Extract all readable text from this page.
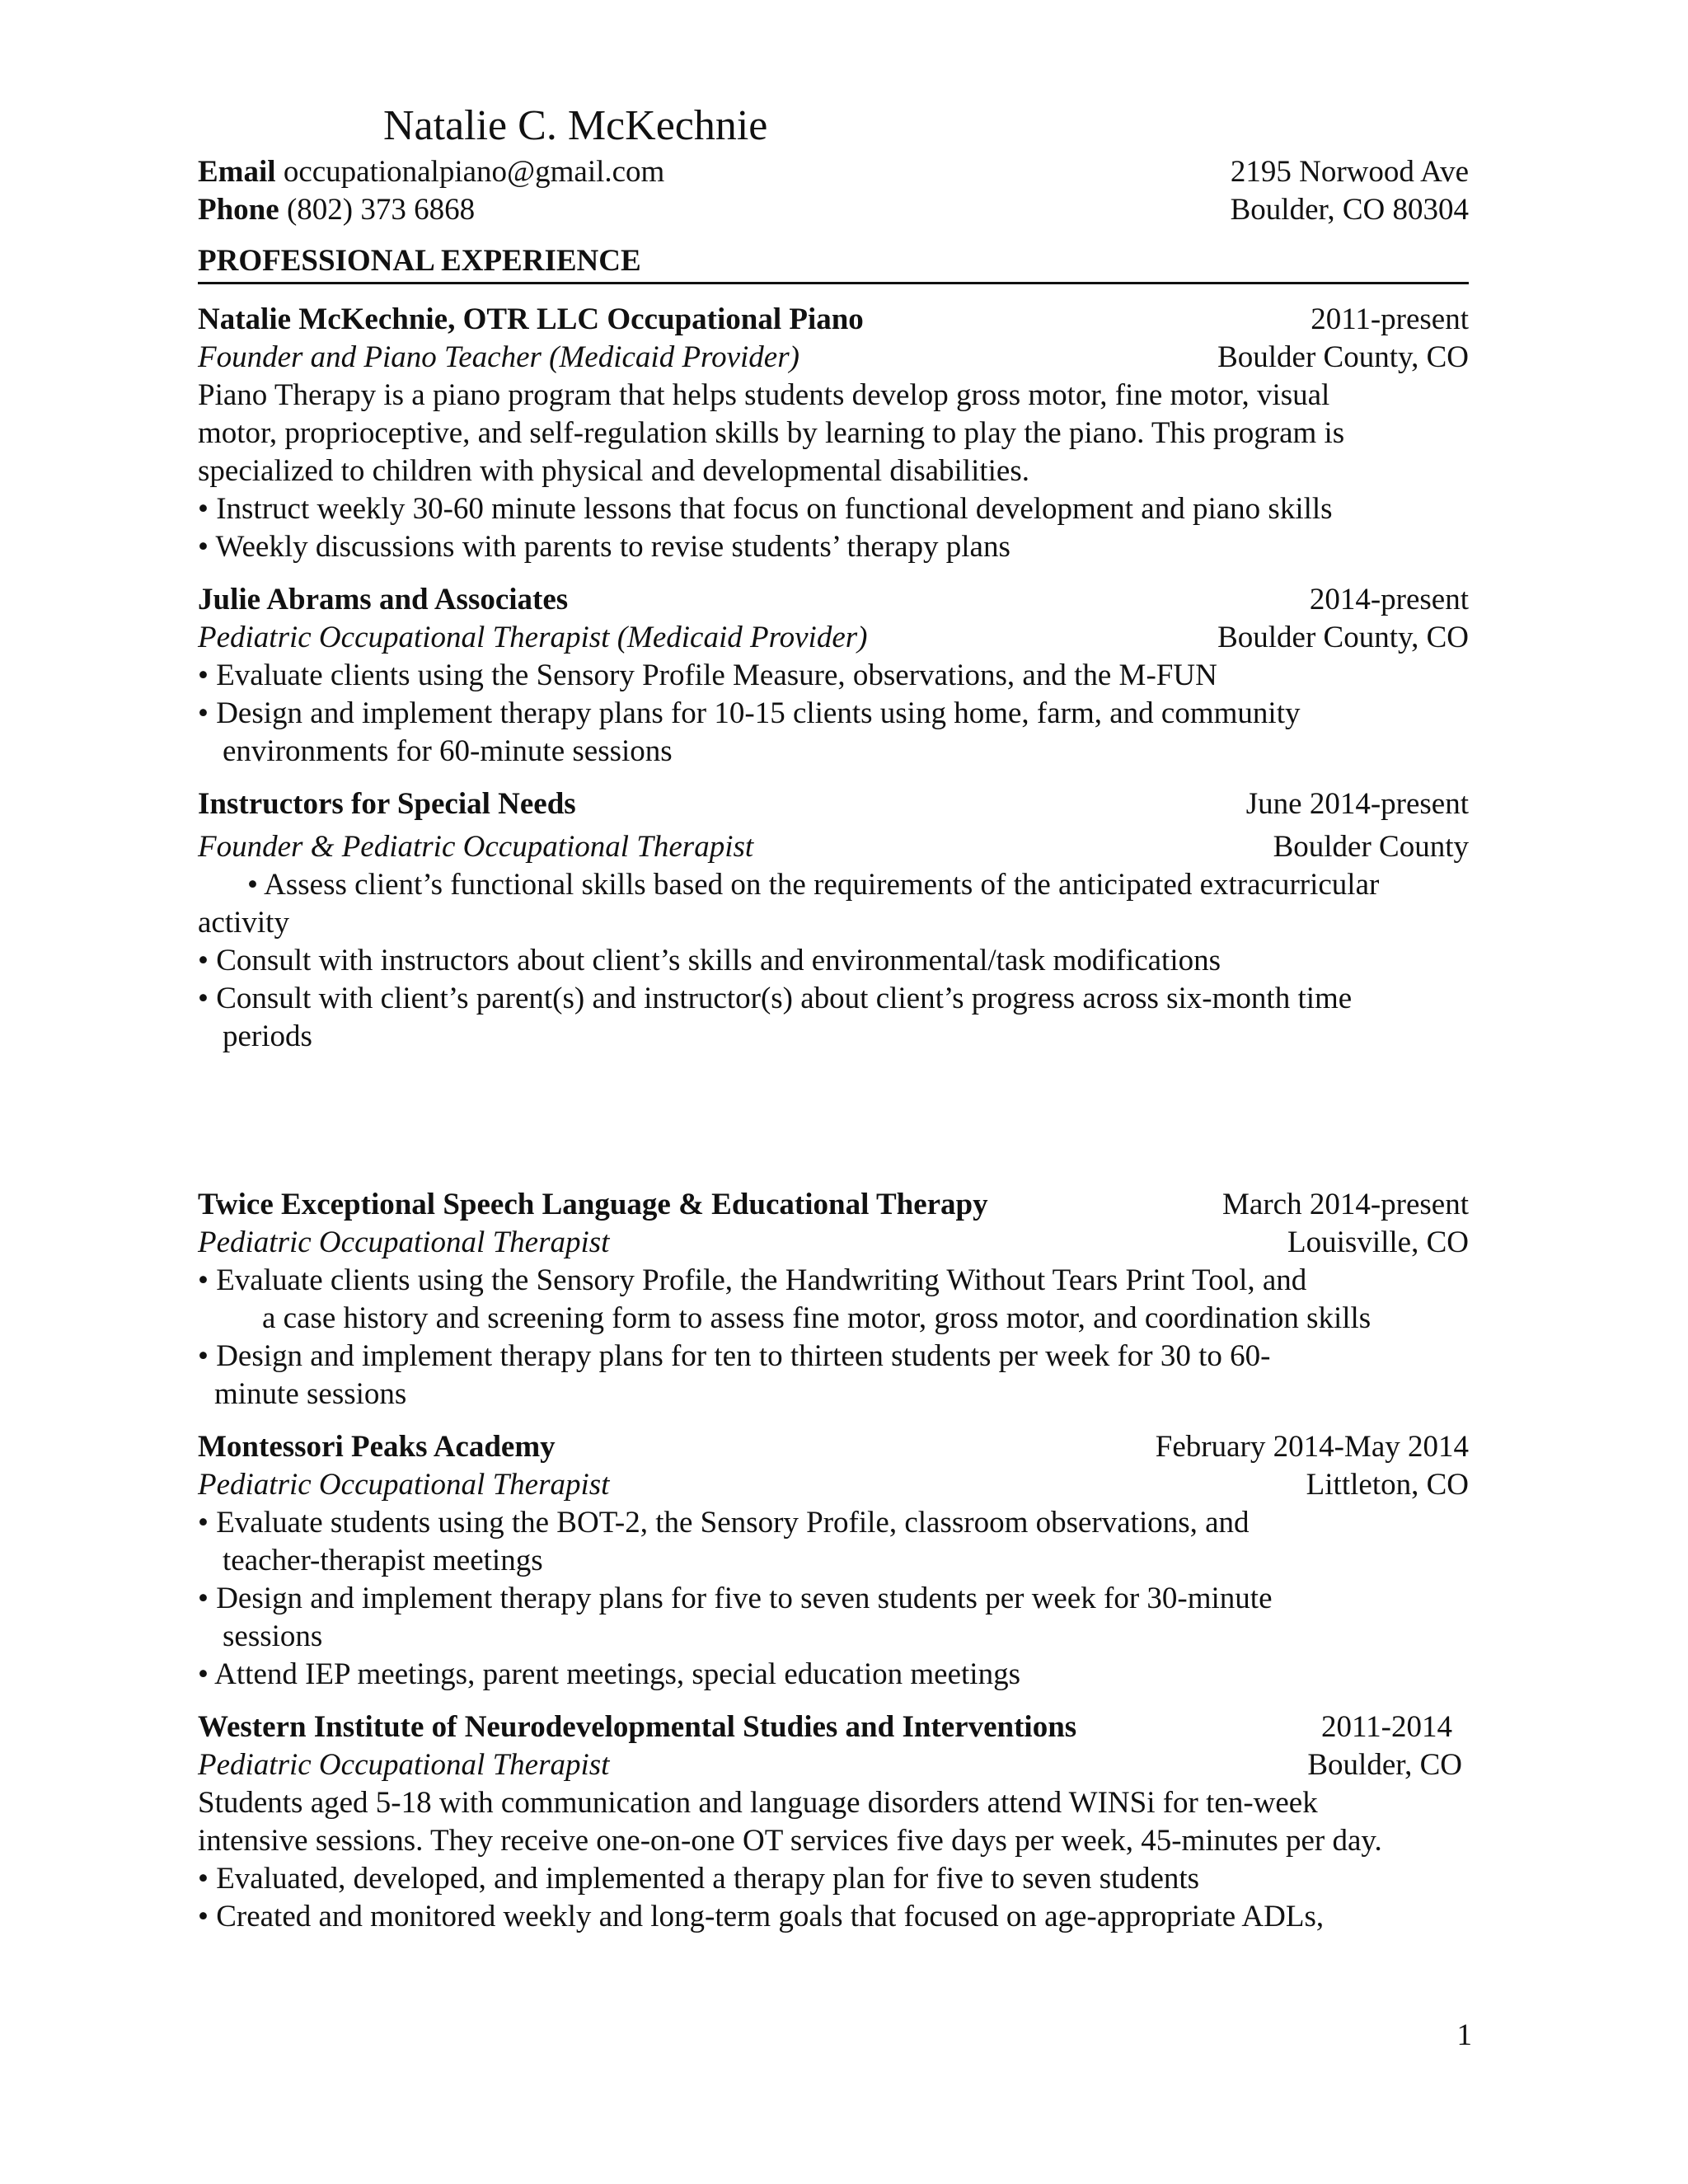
Natalie C. McKechnie
Email occupationalpiano@gmail.com	2195 Norwood Ave
Phone (802) 373 6868	Boulder, CO 80304
PROFESSIONAL EXPERIENCE
Natalie McKechnie, OTR LLC Occupational Piano	2011-present
Founder and Piano Teacher (Medicaid Provider)	Boulder County, CO
Piano Therapy is a piano program that helps students develop gross motor, fine motor, visual
motor, proprioceptive, and self-regulation skills by learning to play the piano. This program is
specialized to children with physical and developmental disabilities.
• Instruct weekly 30-60 minute lessons that focus on functional development and piano skills
• Weekly discussions with parents to revise students’ therapy plans
Julie Abrams and Associates	2014-present
Pediatric Occupational Therapist (Medicaid Provider)	Boulder County, CO
• Evaluate clients using the Sensory Profile Measure, observations, and the M-FUN
• Design and implement therapy plans for 10-15 clients using home, farm, and community
environments for 60-minute sessions
Instructors for Special Needs	June 2014-present
Founder & Pediatric Occupational Therapist	Boulder County
• Assess client’s functional skills based on the requirements of the anticipated extracurricular
activity
• Consult with instructors about client’s skills and environmental/task modifications
• Consult with client’s parent(s) and instructor(s) about client’s progress across six-month time
periods
Twice Exceptional Speech Language & Educational Therapy	March 2014-present
Pediatric Occupational Therapist	Louisville, CO
• Evaluate clients using the Sensory Profile, the Handwriting Without Tears Print Tool, and
a case history and screening form to assess fine motor, gross motor, and coordination skills
• Design and implement therapy plans for ten to thirteen students per week for 30 to 60-
minute sessions
Montessori Peaks Academy	February 2014-May 2014
Pediatric Occupational Therapist	Littleton, CO
• Evaluate students using the BOT-2, the Sensory Profile, classroom observations, and
teacher-therapist meetings
• Design and implement therapy plans for five to seven students per week for 30-minute
sessions
• Attend IEP meetings, parent meetings, special education meetings
Western Institute of Neurodevelopmental Studies and Interventions	2011-2014
Pediatric Occupational Therapist	Boulder, CO
Students aged 5-18 with communication and language disorders attend WINSi for ten-week
intensive sessions. They receive one-on-one OT services five days per week, 45-minutes per day.
• Evaluated, developed, and implemented a therapy plan for five to seven students
• Created and monitored weekly and long-term goals that focused on age-appropriate ADLs,
1
